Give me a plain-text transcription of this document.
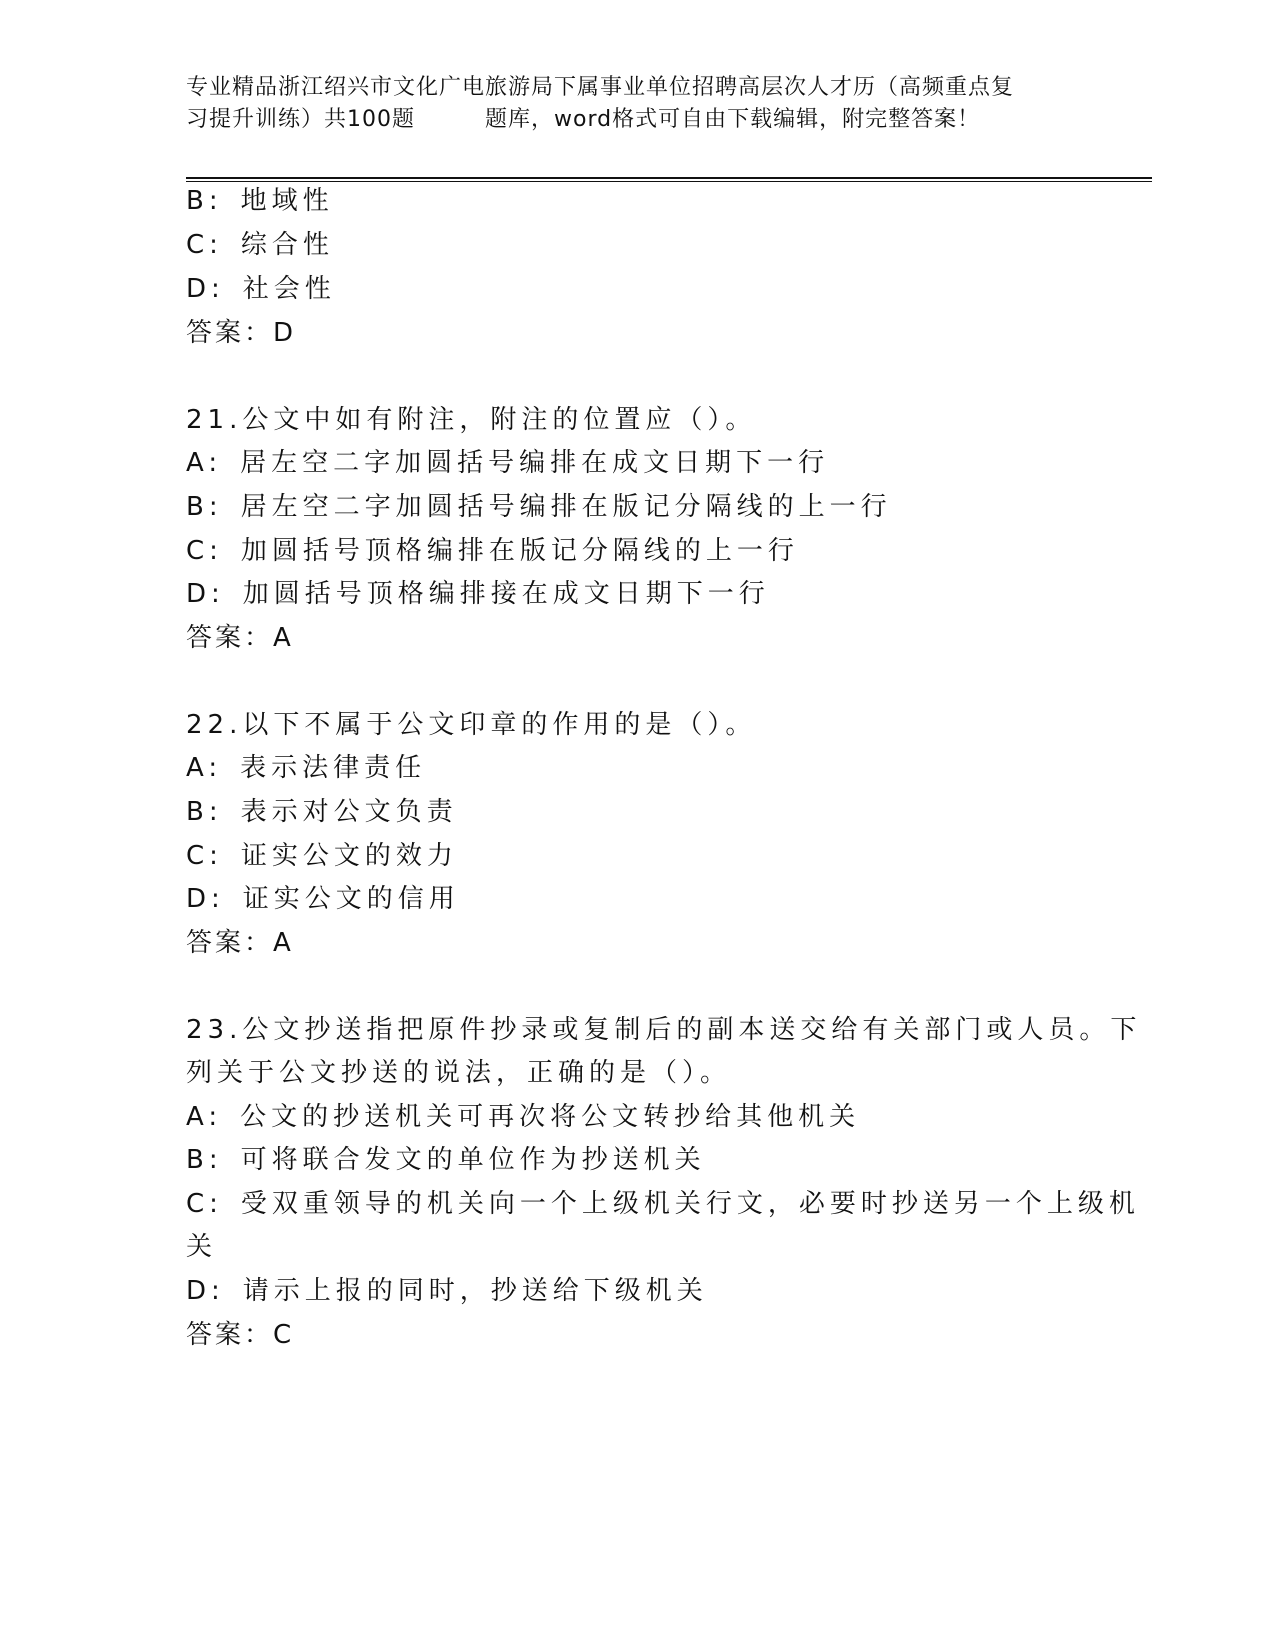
专业精品浙江绍兴市文化广电旅游局下属事业单位招聘高层次人才历（高频重点复
习提升训练）共100题	题库，word格式可自由下载编辑，附完整答案！
B: 地域性
C: 综合性
D: 社会性
答案：D
21.公文中如有附注，附注的位置应（）。
A: 居左空二字加圆括号编排在成文日期下一行
B: 居左空二字加圆括号编排在版记分隔线的上一行
C: 加圆括号顶格编排在版记分隔线的上一行
D: 加圆括号顶格编排接在成文日期下一行
答案：A
22.以下不属于公文印章的作用的是（）。
A: 表示法律责任
B: 表示对公文负责
C: 证实公文的效力
D: 证实公文的信用
答案：A
23.公文抄送指把原件抄录或复制后的副本送交给有关部门或人员。下
列关于公文抄送的说法，正确的是（）。
A: 公文的抄送机关可再次将公文转抄给其他机关
B: 可将联合发文的单位作为抄送机关
C: 受双重领导的机关向一个上级机关行文，必要时抄送另一个上级机
关
D: 请示上报的同时，抄送给下级机关
答案：C
